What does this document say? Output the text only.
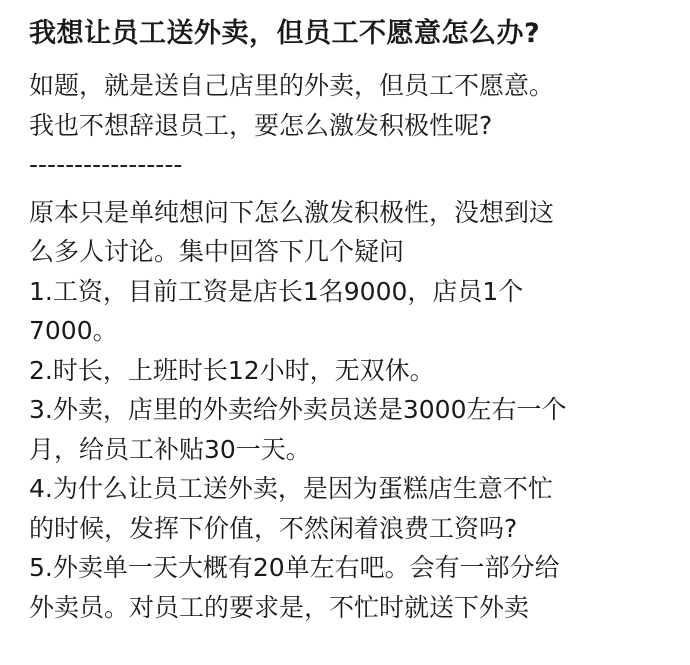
我想让员工送外卖，但员工不愿意怎么办?
如题，就是送自己店里的外卖，但员工不愿意。
我也不想辞退员工，要怎么激发积极性呢?
-----------------
原本只是单纯想问下怎么激发积极性，没想到这
么多人讨论。集中回答下几个疑问
1.工资，目前工资是店长1名9000，店员1个
7000。
2.时长，上班时长12小时，无双休。
3.外卖，店里的外卖给外卖员送是3000左右一个
月，给员工补贴30一天。
4.为什么让员工送外卖，是因为蛋糕店生意不忙
的时候，发挥下价值，不然闲着浪费工资吗?
5.外卖单一天大概有20单左右吧。会有一部分给
外卖员。对员工的要求是，不忙时就送下外卖
